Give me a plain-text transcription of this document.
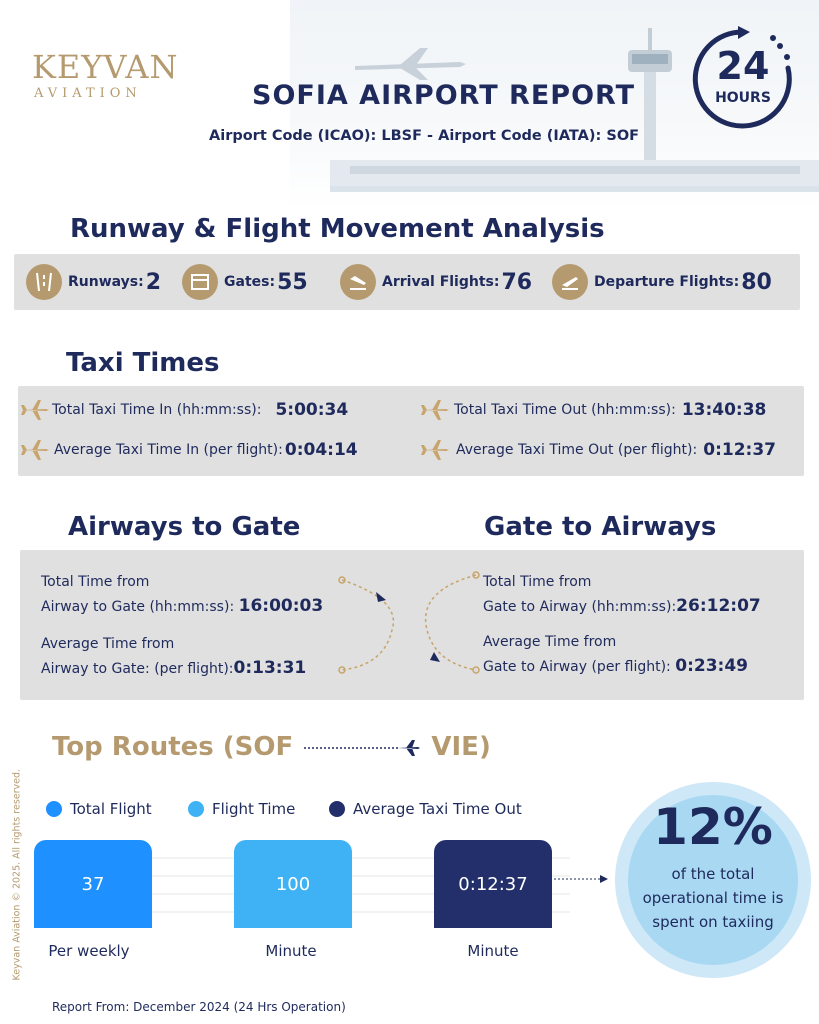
KEYVAN
AVIATION	SOFIA AIRPORT REPORT
Airport Code (ICAO): LBSF - Airport Code (IATA): SOF
24
HOURS
Runway & Flight Movement Analysis
Runways: 2	Gates: 55	Arrival Flights: 76	Departure Flights: 80
Taxi Times
Total Taxi Time In (hh:mm:ss): 5:00:34	Total Taxi Time Out (hh:mm:ss): 13:40:38
Average Taxi Time In (per flight): 0:04:14	Average Taxi Time Out (per flight): 0:12:37
Airways to Gate	Gate to Airways
Total Time from
Airway to Gate (hh:mm:ss): 16:00:03
Average Time from
Airway to Gate: (per flight):0:13:31
Total Time from
Gate to Airway (hh:mm:ss):26:12:07
Average Time from
Gate to Airway (per flight): 0:23:49
Top Routes (SOF	VIE)
Total Flight	Flight Time	Average Taxi Time Out
37	100	0:12:37
Per weekly	Minute	Minute
12%
of the total
operational time is
spent on taxiing
Keyvan Aviation © 2025. All rights reserved.
Report From: December 2024 (24 Hrs Operation)
